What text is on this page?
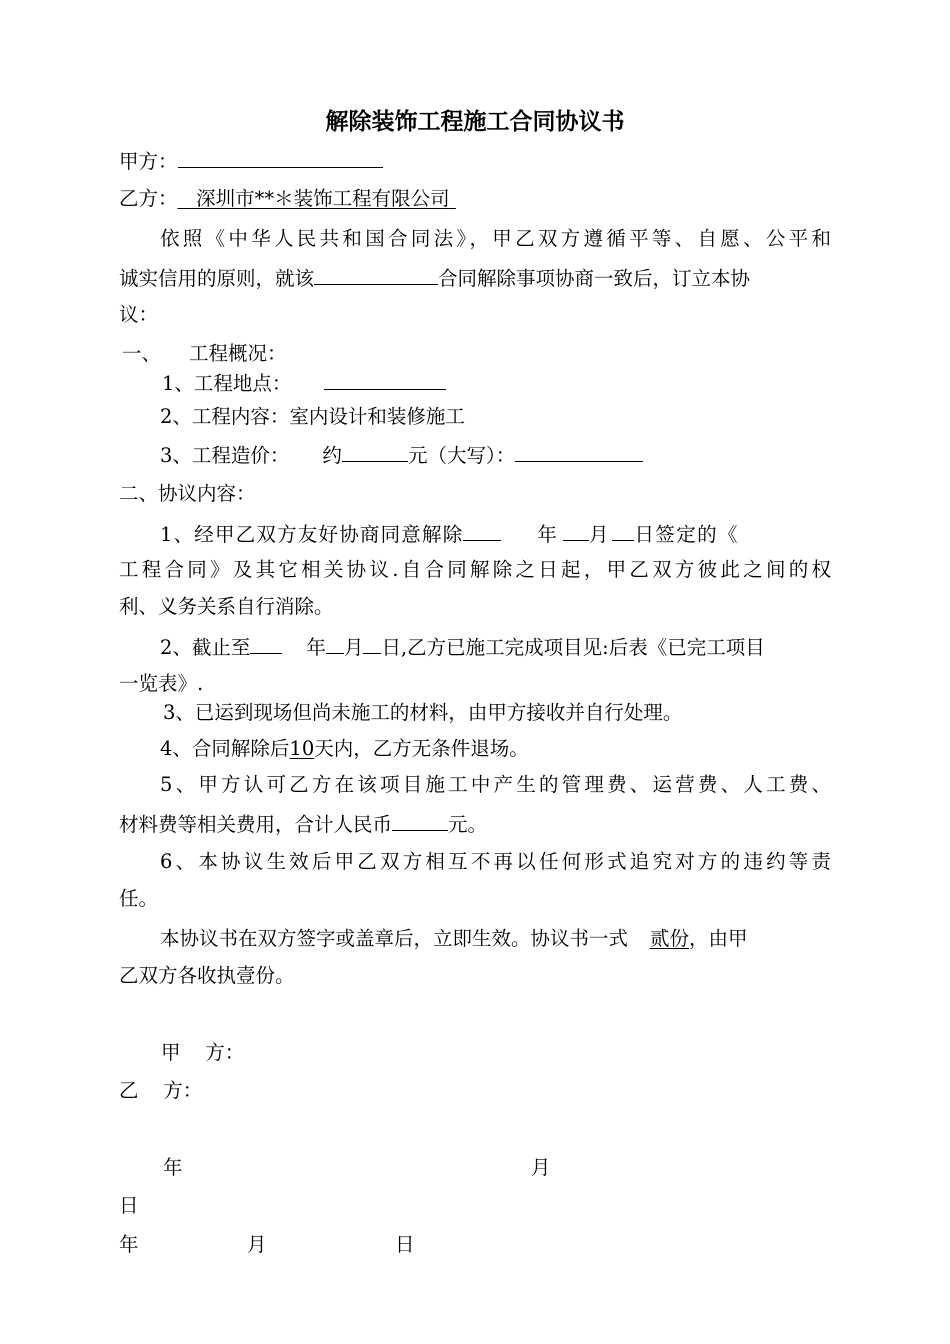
解除装饰工程施工合同协议书
甲方：
乙方： 深圳市**＊装饰工程有限公司
依照《中华人民共和国合同法》，甲乙双方遵循平等、自愿、公平和
诚实信用的原则，就该	合同解除事项协商一致后，订立本协
议：
一、 工程概况：
1、工程地点：
2、工程内容：室内设计和装修施工
3、工程造价： 约	元（大写）：
二、协议内容：
1、经甲乙双方友好协商同意解除	年 月 日签定的《
工程合同》及其它相关协议.自合同解除之日起，甲乙双方彼此之间的权
利、义务关系自行消除。
2、截止至	年 月 日,乙方已施工完成项目见:后表《已完工项目
一览表》.
3、已运到现场但尚未施工的材料，由甲方接收并自行处理。
4、合同解除后10天内，乙方无条件退场。
5、甲方认可乙方在该项目施工中产生的管理费、运营费、人工费、
材料费等相关费用，合计人民币	元。
6、本协议生效后甲乙双方相互不再以任何形式追究对方的违约等责
任。
本协议书在双方签字或盖章后，立即生效。协议书一式 贰份，由甲
乙双方各收执壹份。
甲    方：
乙    方：
年	月
日
年	月	日
